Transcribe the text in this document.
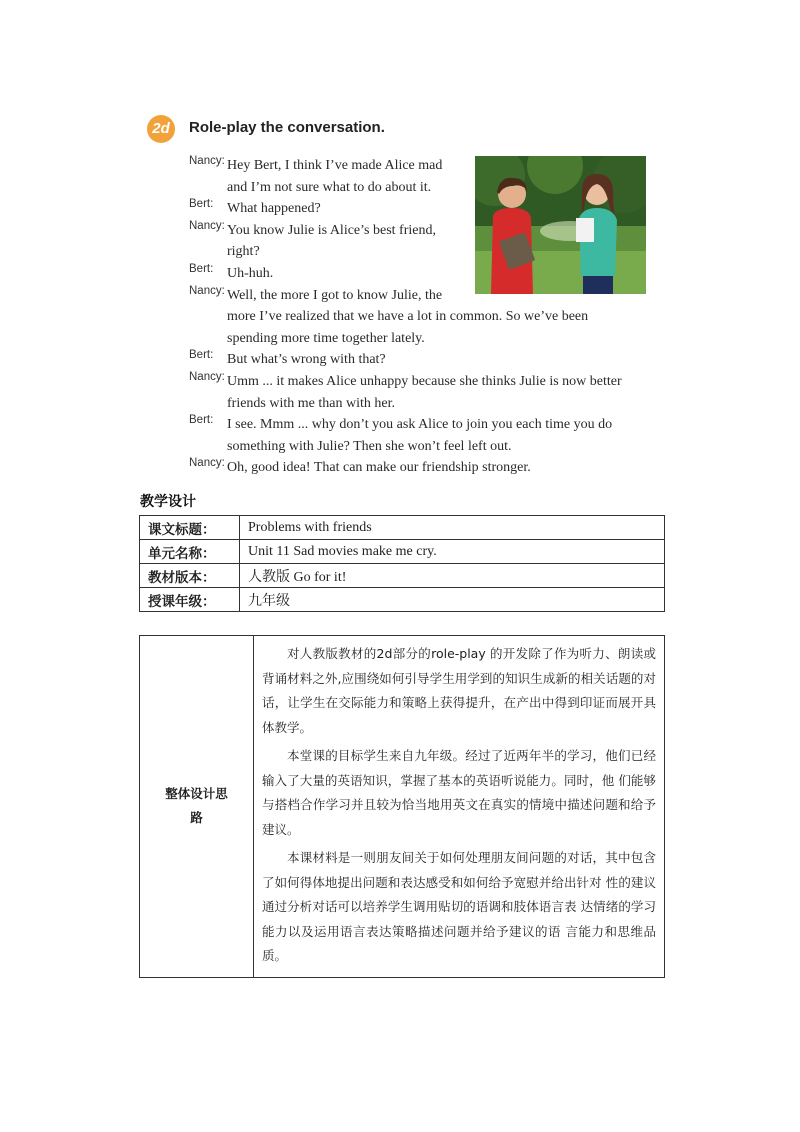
2d	Role-play the conversation.
Nancy: Hey Bert, I think I’ve made Alice mad
and I’m not sure what to do about it.
Bert: What happened?
Nancy: You know Julie is Alice’s best friend,
right?
Bert: Uh-huh.
Nancy: Well, the more I got to know Julie, the
more I’ve realized that we have a lot in common. So we’ve been
spending more time together lately.
Bert: But what’s wrong with that?
Nancy: Umm ... it makes Alice unhappy because she thinks Julie is now better
friends with me than with her.
Bert: I see. Mmm ... why don’t you ask Alice to join you each time you do
something with Julie? Then she won’t feel left out.
Nancy: Oh, good idea! That can make our friendship stronger.
教学设计
课文标题：	Problems with friends
单元名称：	Unit 11 Sad movies make me cry.
教材版本：	人教版 Go for it!
授课年级：	九年级
整体设计思
路

对人教版教材的2d部分的role-play 的开发除了作为听力、朗读或背诵材料之外,应围绕如何引导学生用学到的知识生成新的相关话题的对话，让学生在交际能力和策略上获得提升，在产出中得到印证而展开具体教学。

本堂课的目标学生来自九年级。经过了近两年半的学习，他们已经输入了大量的英语知识，掌握了基本的英语听说能力。同时，他 们能够与搭档合作学习并且较为恰当地用英文在真实的情境中描述问题和给予建议。

本课材料是一则朋友间关于如何处理朋友间问题的对话，其中包含了如何得体地提出问题和表达感受和如何给予宽慰并给出针对 性的建议通过分析对话可以培养学生调用贴切的语调和肢体语言表 达情绪的学习能力以及运用语言表达策略描述问题并给予建议的语 言能力和思维品质。
